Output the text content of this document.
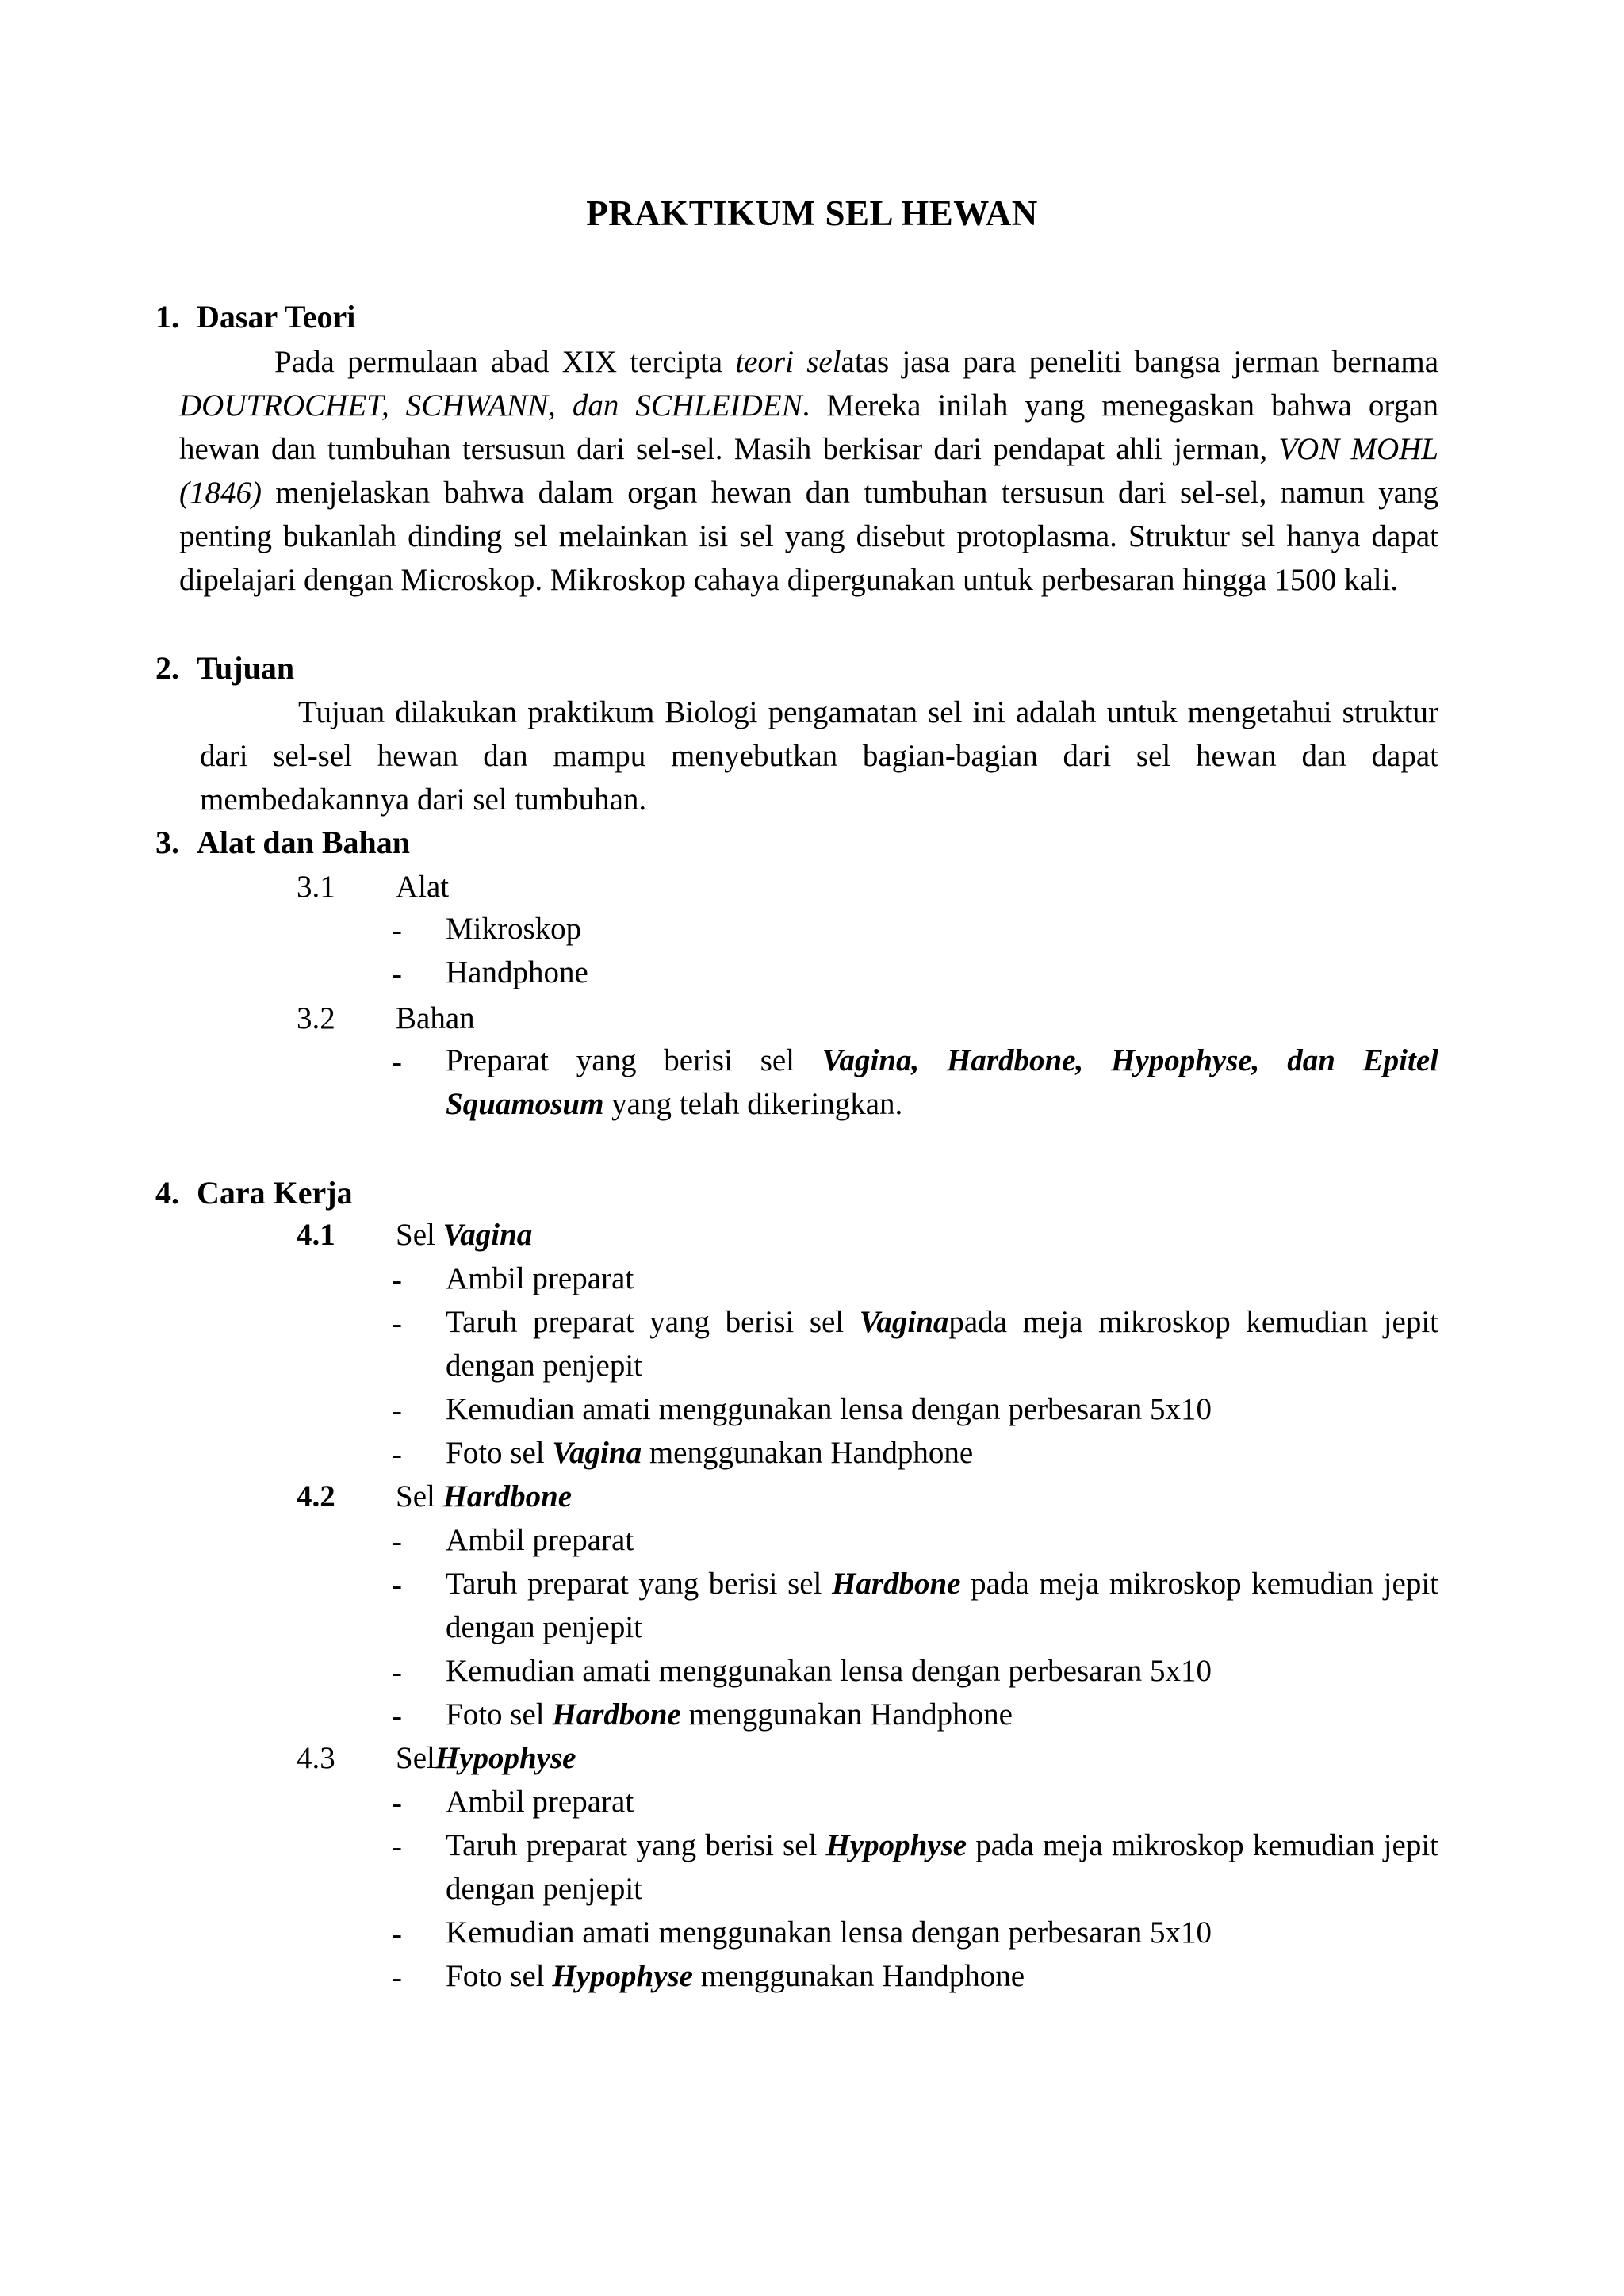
PRAKTIKUM SEL HEWAN
1. Dasar Teori
Pada permulaan abad XIX tercipta teori selatas jasa para peneliti bangsa jerman bernama DOUTROCHET, SCHWANN, dan SCHLEIDEN. Mereka inilah yang menegaskan bahwa organ hewan dan tumbuhan tersusun dari sel-sel. Masih berkisar dari pendapat ahli jerman, VON MOHL (1846) menjelaskan bahwa dalam organ hewan dan tumbuhan tersusun dari sel-sel, namun yang penting bukanlah dinding sel melainkan isi sel yang disebut protoplasma. Struktur sel hanya dapat dipelajari dengan Microskop. Mikroskop cahaya dipergunakan untuk perbesaran hingga 1500 kali.
2. Tujuan
Tujuan dilakukan praktikum Biologi pengamatan sel ini adalah untuk mengetahui struktur dari sel-sel hewan dan mampu menyebutkan bagian-bagian dari sel hewan dan dapat membedakannya dari sel tumbuhan.
3. Alat dan Bahan
3.1 Alat
- Mikroskop
- Handphone
3.2 Bahan
- Preparat yang berisi sel Vagina, Hardbone, Hypophyse, dan Epitel Squamosum yang telah dikeringkan.
4. Cara Kerja
4.1 Sel Vagina
- Ambil preparat
- Taruh preparat yang berisi sel Vaginapada meja mikroskop kemudian jepit dengan penjepit
- Kemudian amati menggunakan lensa dengan perbesaran 5x10
- Foto sel Vagina menggunakan Handphone
4.2 Sel Hardbone
- Ambil preparat
- Taruh preparat yang berisi sel Hardbone pada meja mikroskop kemudian jepit dengan penjepit
- Kemudian amati menggunakan lensa dengan perbesaran 5x10
- Foto sel Hardbone menggunakan Handphone
4.3 SelHypophyse
- Ambil preparat
- Taruh preparat yang berisi sel Hypophyse pada meja mikroskop kemudian jepit dengan penjepit
- Kemudian amati menggunakan lensa dengan perbesaran 5x10
- Foto sel Hypophyse menggunakan Handphone
